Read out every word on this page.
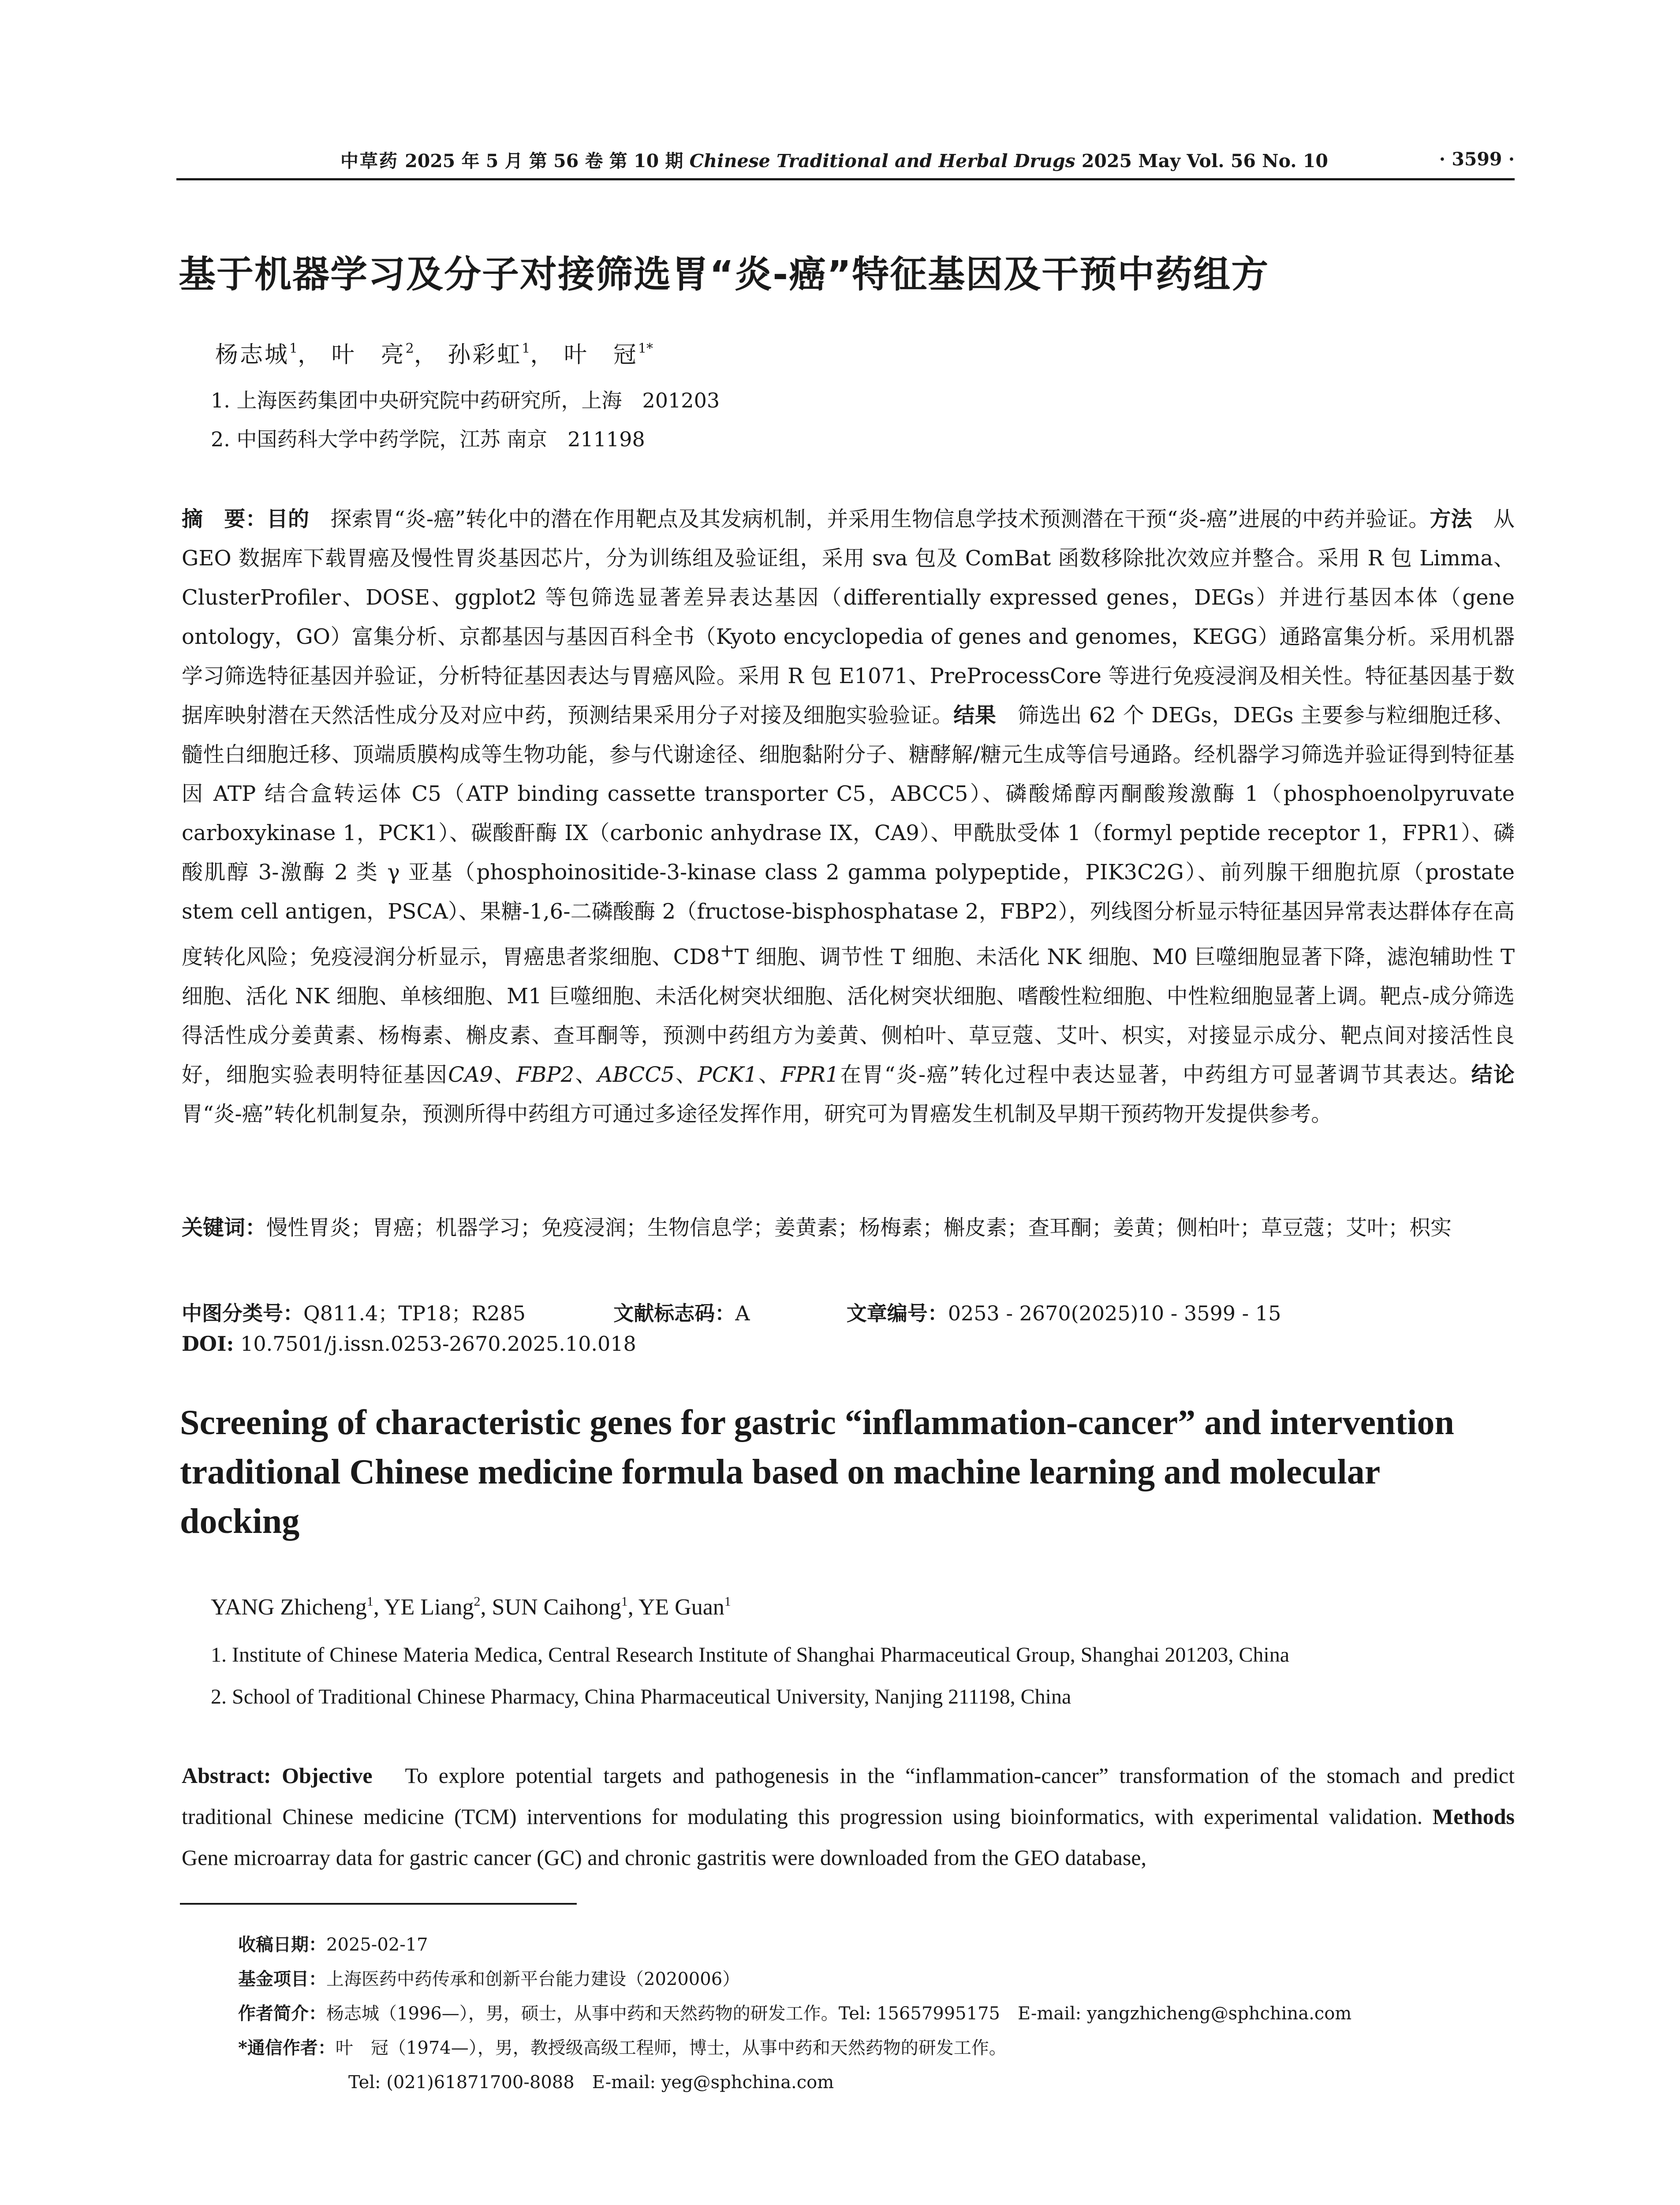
中草药 2025 年 5 月 第 56 卷 第 10 期 Chinese Traditional and Herbal Drugs 2025 May Vol. 56 No. 10	· 3599 ·
基于机器学习及分子对接筛选胃“炎-癌”特征基因及干预中药组方
杨志城$^1$， 叶　亮$^2$， 孙彩虹$^1$， 叶　冠$^{1*}$
1. 上海医药集团中央研究院中药研究所，上海　201203
2. 中国药科大学中药学院，江苏 南京　211198
摘　要：目的　 探索胃“炎-癌”转化中的潜在作用靶点及其发病机制，并采用生物信息学技术预测潜在干预“炎-癌”进展的中药并验证。方法　 从 GEO 数据库下载胃癌及慢性胃炎基因芯片，分为训练组及验证组，采用 sva 包及 ComBat 函数移除批次效应并整合。采用 R 包 Limma、ClusterProfiler、DOSE、ggplot2 等包筛选显著差异表达基因（differentially expressed genes，DEGs）并进行基因本体（gene ontology，GO）富集分析、京都基因与基因百科全书（Kyoto encyclopedia of genes and genomes，KEGG）通路富集分析。采用机器学习筛选特征基因并验证，分析特征基因表达与胃癌风险。采用 R 包 E1071、PreProcessCore 等进行免疫浸润及相关性。特征基因基于数据库映射潜在天然活性成分及对应中药，预测结果采用分子对接及细胞实验验证。结果　 筛选出 62 个 DEGs，DEGs 主要参与粒细胞迁移、髓性白细胞迁移、顶端质膜构成等生物功能，参与代谢途径、细胞黏附分子、糖酵解/糖元生成等信号通路。经机器学习筛选并验证得到特征基因 ATP 结合盒转运体 C5（ATP binding cassette transporter C5，ABCC5）、磷酸烯醇丙酮酸羧激酶 1（phosphoenolpyruvate carboxykinase 1，PCK1）、碳酸酐酶 IX（carbonic anhydrase IX，CA9）、甲酰肽受体 1（formyl peptide receptor 1，FPR1）、磷酸肌醇 3-激酶 2 类 γ 亚基（phosphoinositide-3-kinase class 2 gamma polypeptide，PIK3C2G）、前列腺干细胞抗原（prostate stem cell antigen，PSCA）、果糖-1,6-二磷酸酶 2（fructose-bisphosphatase 2，FBP2），列线图分析显示特征基因异常表达群体存在高度转化风险；免疫浸润分析显示，胃癌患者浆细胞、CD8+T 细胞、调节性 T 细胞、未活化 NK 细胞、M0 巨噬细胞显著下降，滤泡辅助性 T 细胞、活化 NK 细胞、单核细胞、M1 巨噬细胞、未活化树突状细胞、活化树突状细胞、嗜酸性粒细胞、中性粒细胞显著上调。靶点-成分筛选得活性成分姜黄素、杨梅素、槲皮素、查耳酮等，预测中药组方为姜黄、侧柏叶、草豆蔻、艾叶、枳实，对接显示成分、靶点间对接活性良好，细胞实验表明特征基因CA9、FBP2、ABCC5、PCK1、FPR1在胃“炎-癌”转化过程中表达显著，中药组方可显著调节其表达。结论　胃“炎-癌”转化机制复杂，预测所得中药组方可通过多途径发挥作用，研究可为胃癌发生机制及早期干预药物开发提供参考。
关键词：慢性胃炎；胃癌；机器学习；免疫浸润；生物信息学；姜黄素；杨梅素；槲皮素；查耳酮；姜黄；侧柏叶；草豆蔻；艾叶；枳实
中图分类号：Q811.4；TP18；R285	文献标志码：A	文章编号：0253 - 2670(2025)10 - 3599 - 15
DOI: 10.7501/j.issn.0253-2670.2025.10.018
Screening of characteristic genes for gastric “inflammation-cancer” and intervention traditional Chinese medicine formula based on machine learning and molecular docking
YANG Zhicheng$^1$, YE Liang$^2$, SUN Caihong$^1$, YE Guan$^1$
1. Institute of Chinese Materia Medica, Central Research Institute of Shanghai Pharmaceutical Group, Shanghai 201203, China
2. School of Traditional Chinese Pharmacy, China Pharmaceutical University, Nanjing 211198, China
Abstract: Objective　 To explore potential targets and pathogenesis in the “inflammation-cancer” transformation of the stomach and predict traditional Chinese medicine (TCM) interventions for modulating this progression using bioinformatics, with experimental validation. Methods　Gene microarray data for gastric cancer (GC) and chronic gastritis were downloaded from the GEO database,
收稿日期：2025-02-17
基金项目：上海医药中药传承和创新平台能力建设（2020006）
作者简介：杨志城（1996—），男，硕士，从事中药和天然药物的研发工作。Tel: 15657995175　E-mail: yangzhicheng@sphchina.com
*通信作者：叶　冠（1974—），男，教授级高级工程师，博士，从事中药和天然药物的研发工作。
Tel: (021)61871700-8088　E-mail: yeg@sphchina.com
